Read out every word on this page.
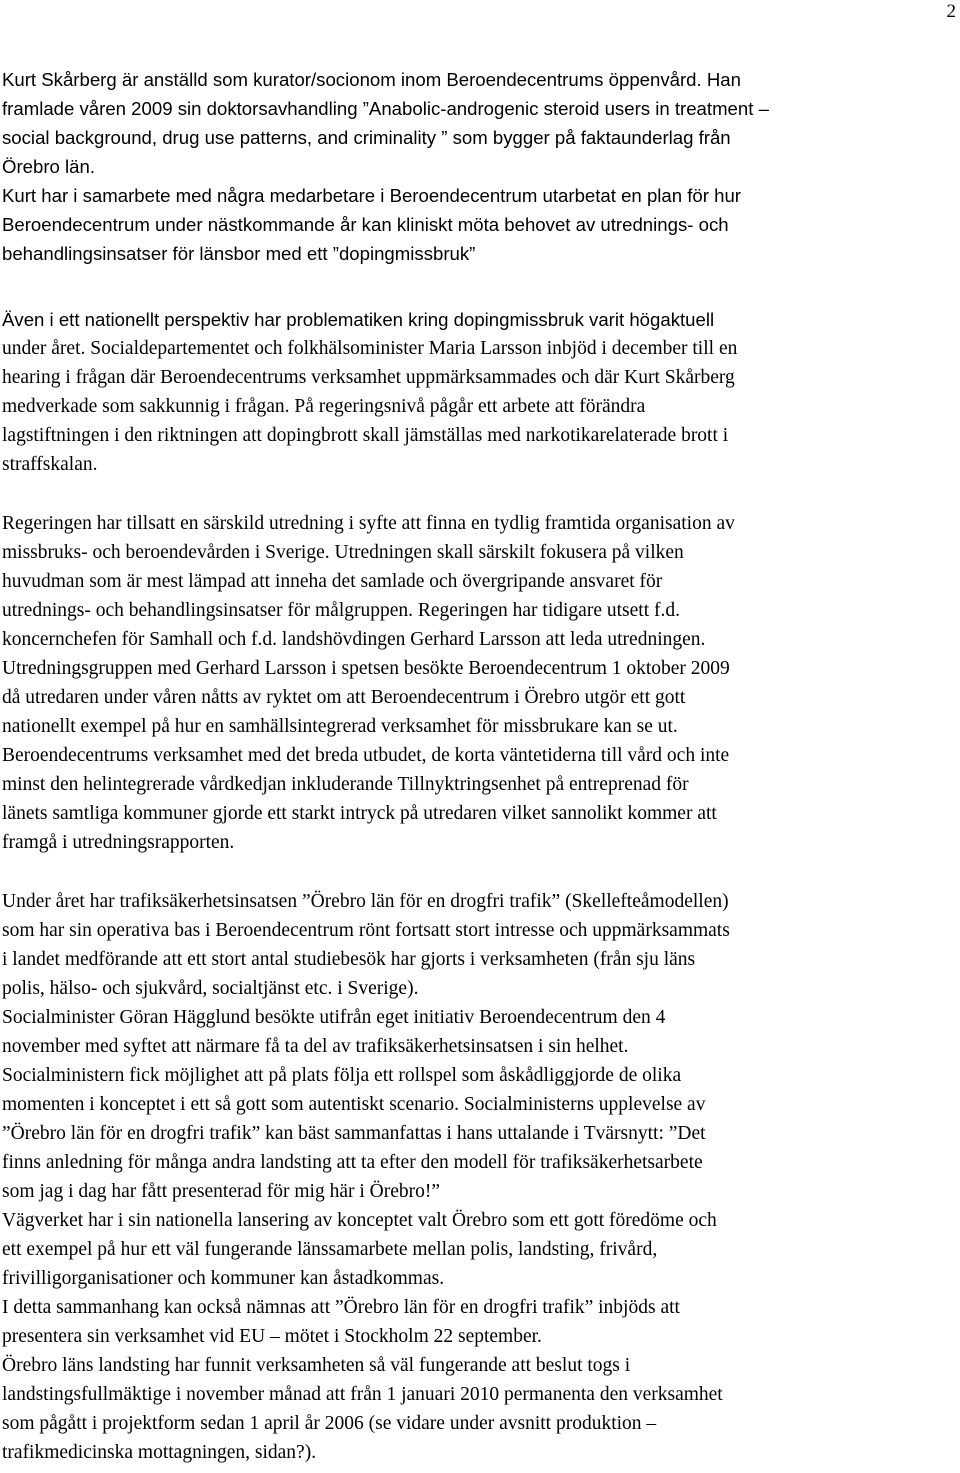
2
Kurt Skårberg är anställd som kurator/socionom inom Beroendecentrums öppenvård. Han
framlade våren 2009 sin doktorsavhandling ”Anabolic-androgenic steroid users in treatment –
social background, drug use patterns, and criminality ” som bygger på faktaunderlag från
Örebro län.
Kurt har i samarbete med några medarbetare i Beroendecentrum utarbetat en plan för hur
Beroendecentrum under nästkommande år kan kliniskt möta behovet av utrednings- och
behandlingsinsatser för länsbor med ett ”dopingmissbruk”
Även i ett nationellt perspektiv har problematiken kring dopingmissbruk varit högaktuell
under året. Socialdepartementet och folkhälsominister Maria Larsson inbjöd i december till en
hearing i frågan där Beroendecentrums verksamhet uppmärksammades och där Kurt Skårberg
medverkade som sakkunnig i frågan. På regeringsnivå pågår ett arbete att förändra
lagstiftningen i den riktningen att dopingbrott skall jämställas med narkotikarelaterade brott i
straffskalan.
Regeringen har tillsatt en särskild utredning i syfte att finna en tydlig framtida organisation av
missbruks- och beroendevården i Sverige. Utredningen skall särskilt fokusera på vilken
huvudman som är mest lämpad att inneha det samlade och övergripande ansvaret för
utrednings- och behandlingsinsatser för målgruppen. Regeringen har tidigare utsett f.d.
koncernchefen för Samhall och f.d. landshövdingen Gerhard Larsson att leda utredningen.
Utredningsgruppen med Gerhard Larsson i spetsen besökte Beroendecentrum 1 oktober 2009
då utredaren under våren nåtts av ryktet om att Beroendecentrum i Örebro utgör ett gott
nationellt exempel på hur en samhällsintegrerad verksamhet för missbrukare kan se ut.
Beroendecentrums verksamhet med det breda utbudet, de korta väntetiderna till vård och inte
minst den helintegrerade vårdkedjan inkluderande Tillnyktringsenhet på entreprenad för
länets samtliga kommuner gjorde ett starkt intryck på utredaren vilket sannolikt kommer att
framgå i utredningsrapporten.
Under året har trafiksäkerhetsinsatsen ”Örebro län för en drogfri trafik” (Skellefteåmodellen)
som har sin operativa bas i Beroendecentrum rönt fortsatt stort intresse och uppmärksammats
i landet medförande att ett stort antal studiebesök har gjorts i verksamheten (från sju läns
polis, hälso- och sjukvård, socialtjänst etc. i Sverige).
Socialminister Göran Hägglund besökte utifrån eget initiativ Beroendecentrum den 4
november med syftet att närmare få ta del av trafiksäkerhetsinsatsen i sin helhet.
Socialministern fick möjlighet att på plats följa ett rollspel som åskådliggjorde de olika
momenten i konceptet i ett så gott som autentiskt scenario. Socialministerns upplevelse av
”Örebro län för en drogfri trafik” kan bäst sammanfattas i hans uttalande i Tvärsnytt: ”Det
finns anledning för många andra landsting att ta efter den modell för trafiksäkerhetsarbete
som jag i dag har fått presenterad för mig här i Örebro!”
Vägverket har i sin nationella lansering av konceptet valt Örebro som ett gott föredöme och
ett exempel på hur ett väl fungerande länssamarbete mellan polis, landsting, frivård,
frivilligorganisationer och kommuner kan åstadkommas.
I detta sammanhang kan också nämnas att ”Örebro län för en drogfri trafik” inbjöds att
presentera sin verksamhet vid EU – mötet i Stockholm 22 september.
Örebro läns landsting har funnit verksamheten så väl fungerande att beslut togs i
landstingsfullmäktige i november månad att från 1 januari 2010 permanenta den verksamhet
som pågått i projektform sedan 1 april år 2006 (se vidare under avsnitt produktion –
trafikmedicinska mottagningen, sidan?).
